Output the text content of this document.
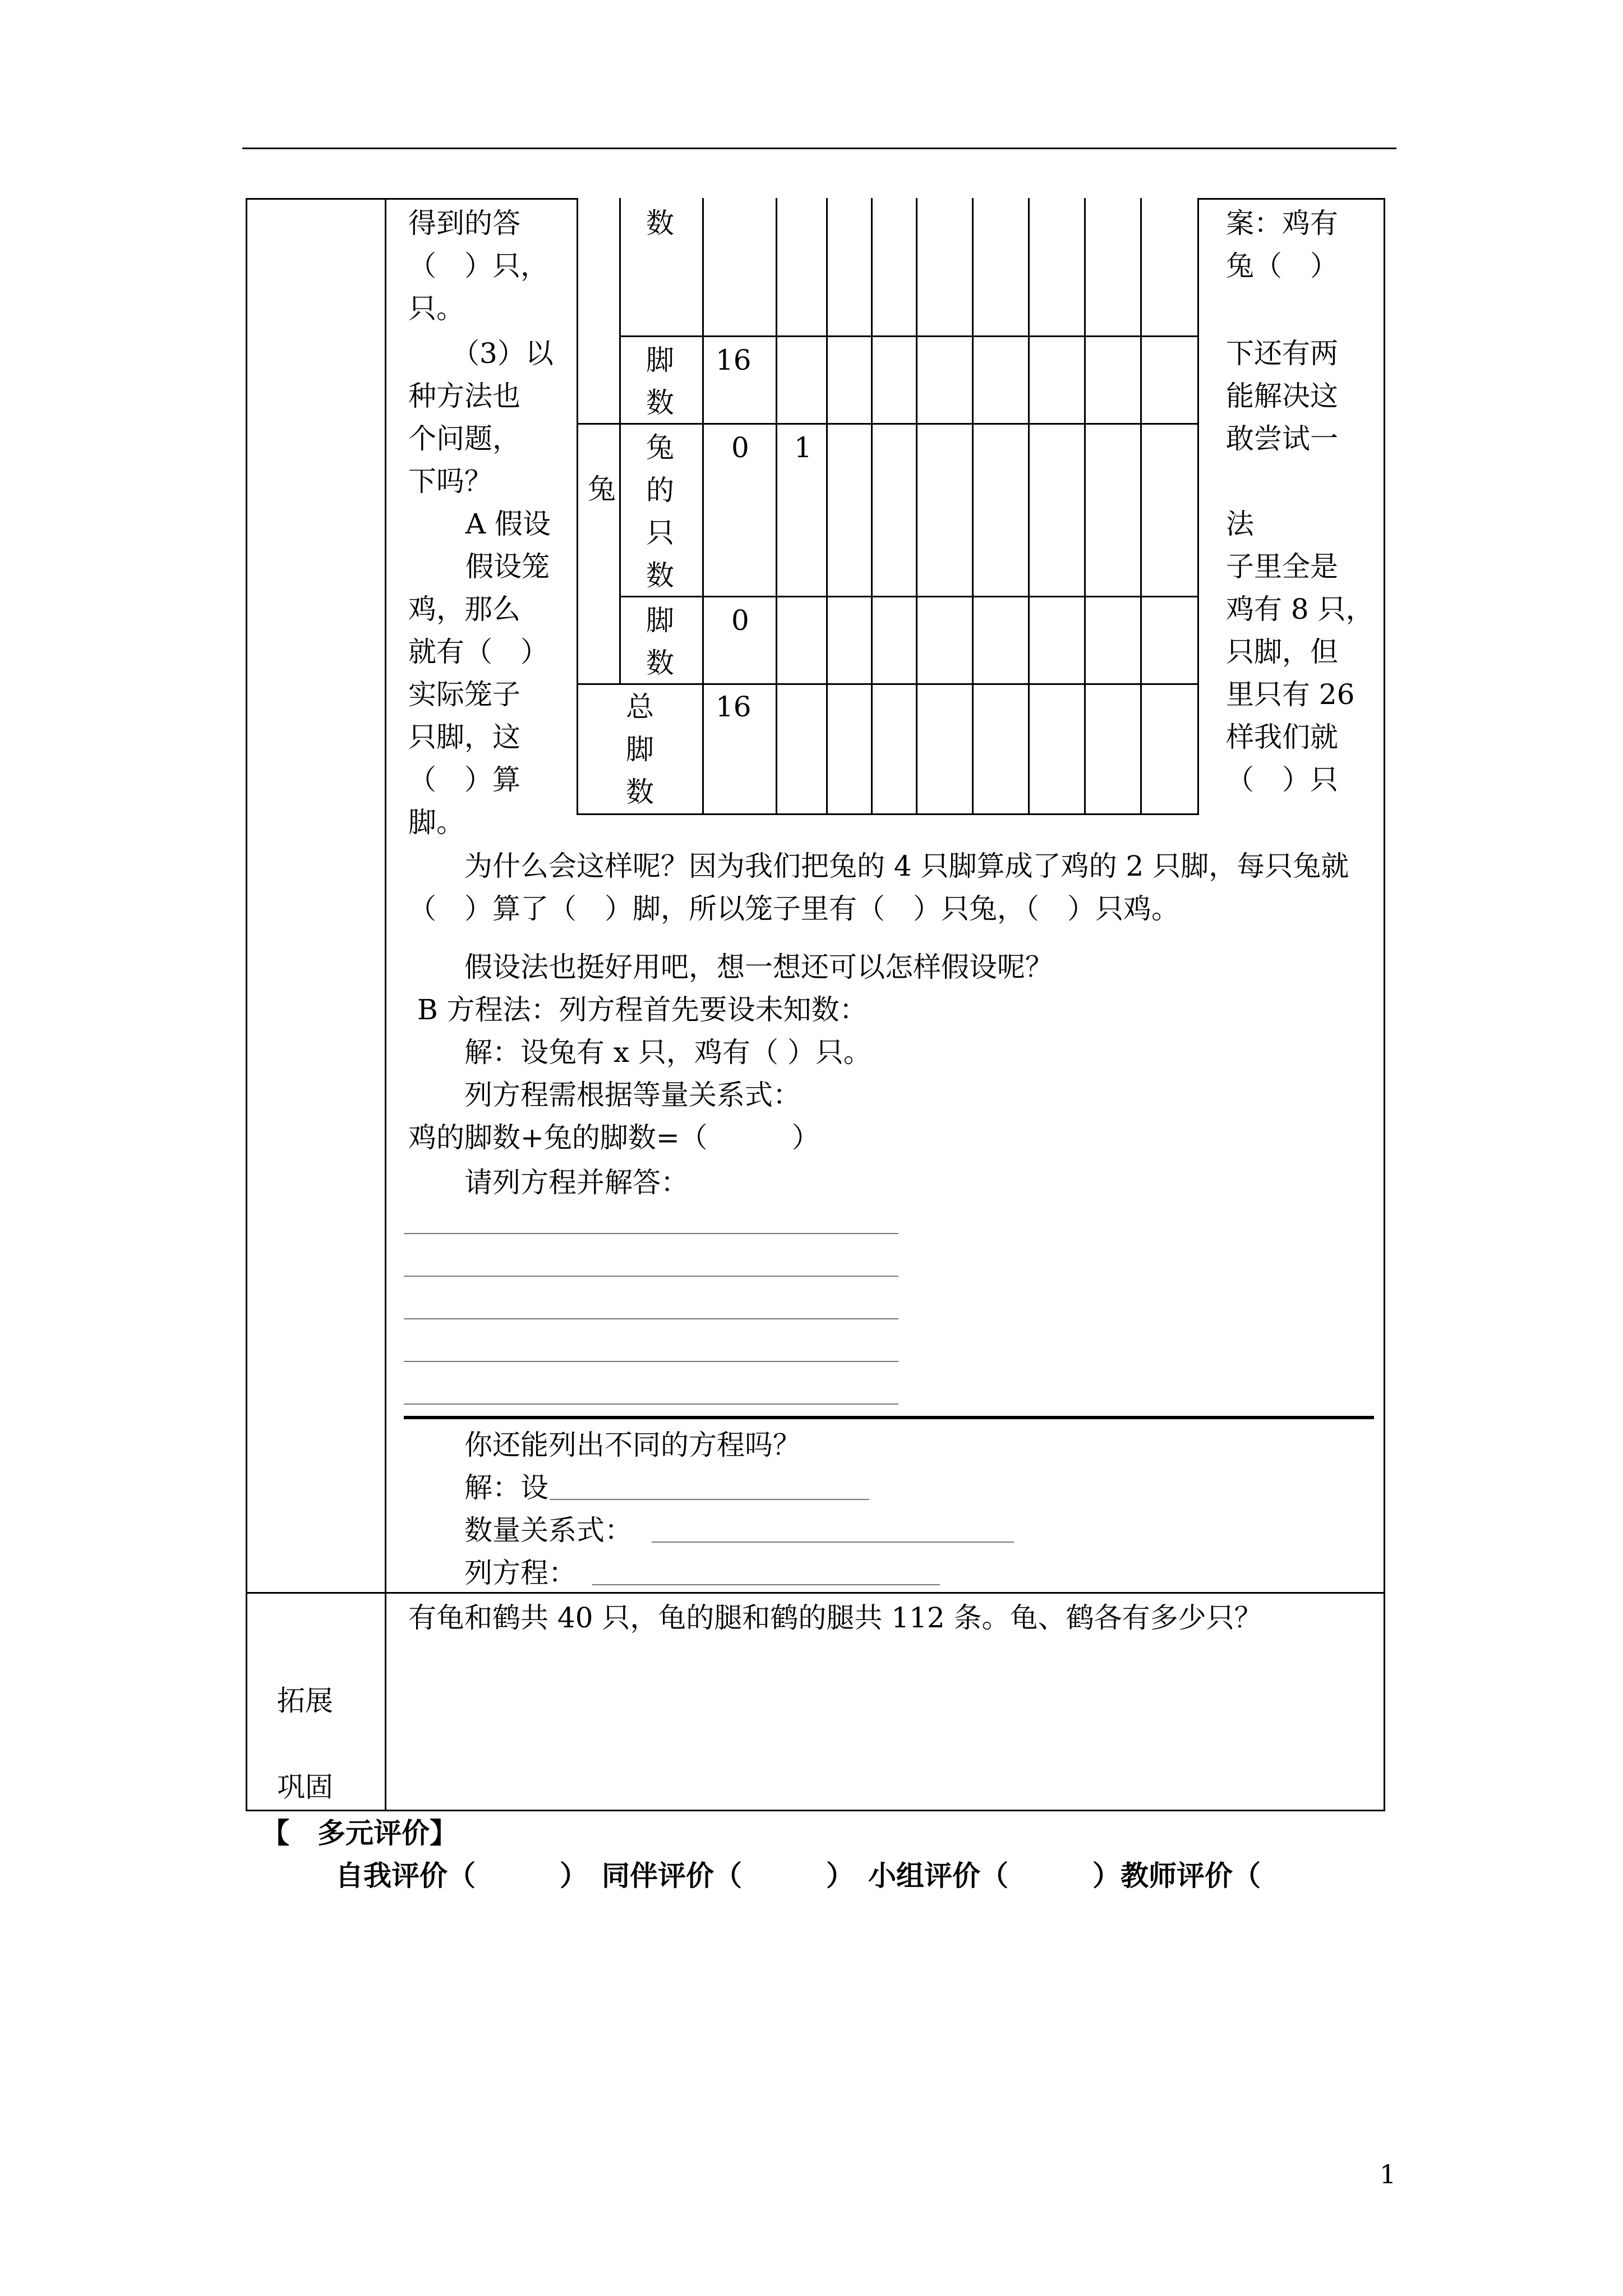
得到的答
（　）只，
只。
　（3）以
种方法也
个问题，
下吗？
　A 假设
　假设笼
鸡，那么
就有（　）
实际笼子
只脚，这
（　）算
脚。
案：鸡有
兔（　）
下还有两
能解决这
敢尝试一
法
子里全是
鸡有 8 只，
只脚，但
里只有 26
样我们就
（　）只
数
脚
数
16
兔
兔
的
只
数
0 1
脚
数
0
总
脚
数
16
　为什么会这样呢？因为我们把兔的 4 只脚算成了鸡的 2 只脚，每只兔就
（　）算了（　）脚，所以笼子里有（　）只兔，（　）只鸡。
　假设法也挺好用吧，想一想还可以怎样假设呢？
B 方程法：列方程首先要设未知数：
　解：设兔有 x 只，鸡有（ ）只。
　列方程需根据等量关系式：
鸡的脚数+兔的脚数=（　　　）
　请列方程并解答：
　你还能列出不同的方程吗？
　解：设
　数量关系式：
　列方程：
拓展
巩固
有龟和鹤共 40 只，龟的腿和鹤的腿共 112 条。龟、鹤各有多少只？
【　多元评价】
自我评价（　　　）　同伴评价（　　　）　小组评价（　　　）教师评价（
1
